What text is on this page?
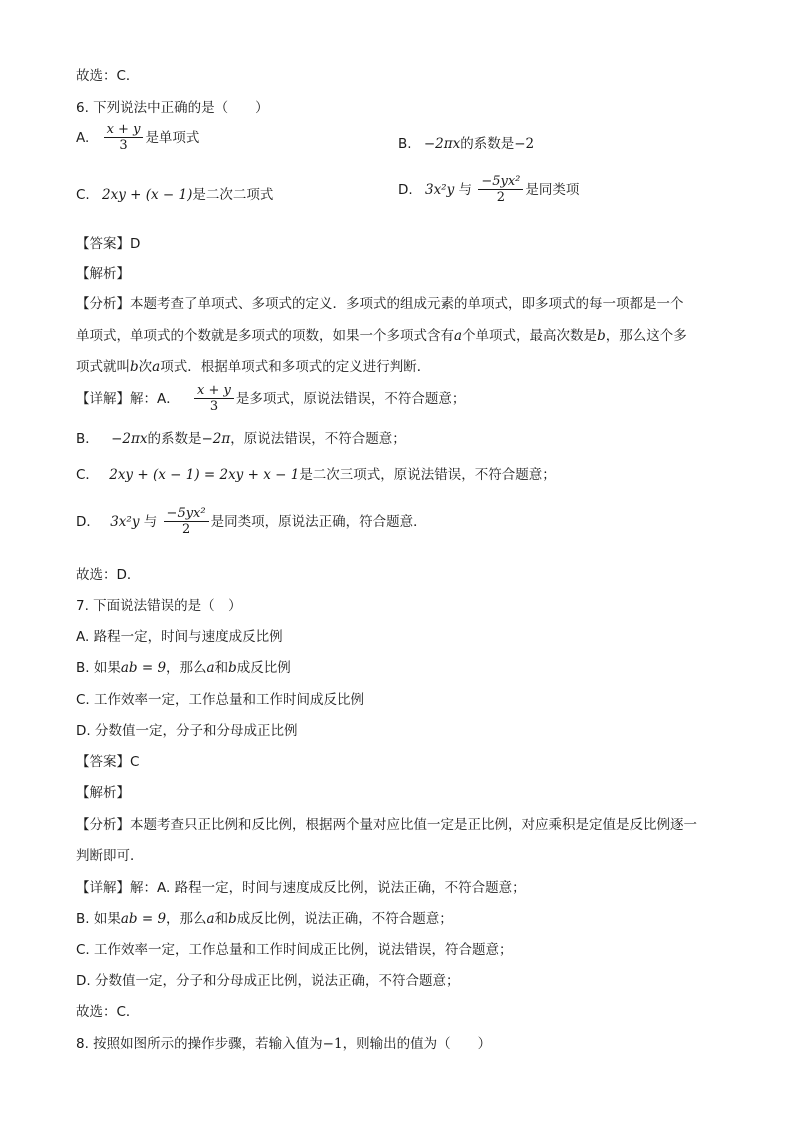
故选：C．
6. 下列说法中正确的是（　　）
A. $\frac{x + y}{3}$ 是单项式	B. −2πx的系数是−2
C. 2xy + (x − 1)是二次二项式	D. 3x²y 与 $\frac{\text{−5yx²}}{2}$ 是同类项
【答案】D
【解析】
【分析】本题考查了单项式、多项式的定义．多项式的组成元素的单项式，即多项式的每一项都是一个
单项式，单项式的个数就是多项式的项数，如果一个多项式含有a个单项式，最高次数是b，那么这个多
项式就叫b次a项式．根据单项式和多项式的定义进行判断．
【详解】解：A． $\frac{x + y}{3}$ 是多项式，原说法错误，不符合题意；
B． −2πx的系数是−2π，原说法错误，不符合题意；
C． 2xy + (x − 1) = 2xy + x − 1是二次三项式，原说法错误，不符合题意；
D． 3x²y 与 $\frac{\text{−5yx²}}{2}$ 是同类项，原说法正确，符合题意．
故选：D．
7. 下面说法错误的是（　）
A. 路程一定，时间与速度成反比例
B. 如果ab = 9，那么a和b成反比例
C. 工作效率一定，工作总量和工作时间成反比例
D. 分数值一定，分子和分母成正比例
【答案】C
【解析】
【分析】本题考查只正比例和反比例，根据两个量对应比值一定是正比例，对应乘积是定值是反比例逐一
判断即可．
【详解】解：A. 路程一定，时间与速度成反比例，说法正确，不符合题意；
B. 如果ab = 9，那么a和b成反比例，说法正确，不符合题意；
C. 工作效率一定，工作总量和工作时间成正比例，说法错误，符合题意；
D. 分数值一定，分子和分母成正比例，说法正确，不符合题意；
故选：C．
8. 按照如图所示的操作步骤，若输入值为−1，则输出的值为（　　）
